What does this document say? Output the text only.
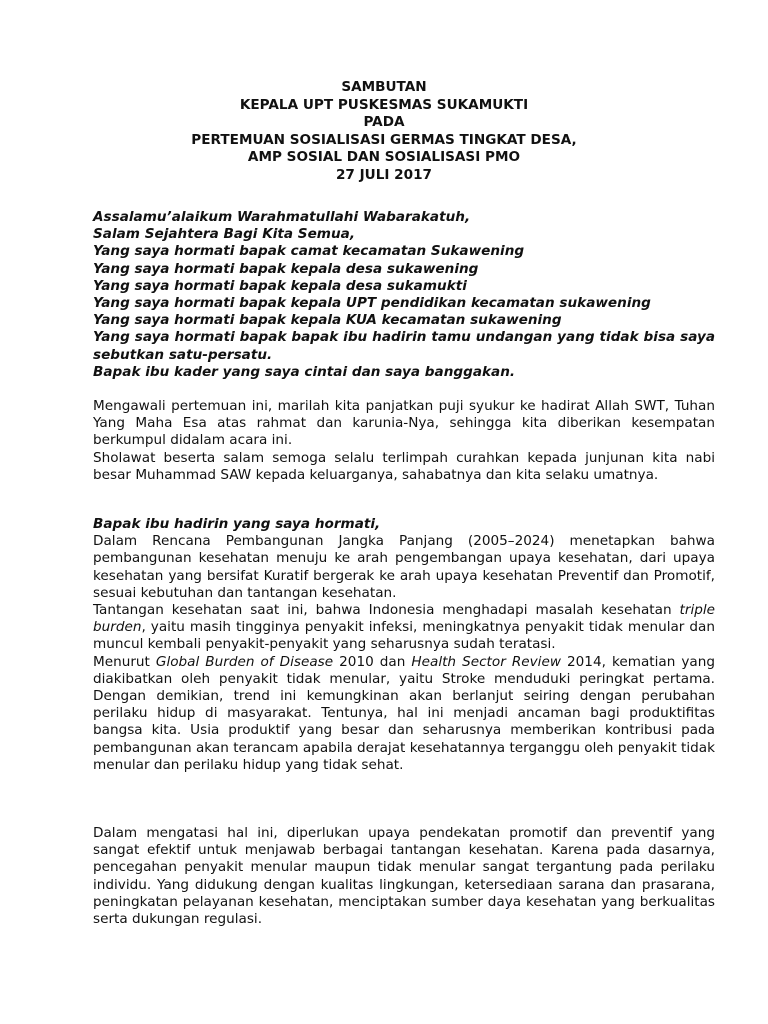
SAMBUTAN
KEPALA UPT PUSKESMAS SUKAMUKTI
PADA
PERTEMUAN SOSIALISASI GERMAS TINGKAT DESA,
AMP SOSIAL DAN SOSIALISASI PMO
27 JULI 2017

Assalamu’alaikum Warahmatullahi Wabarakatuh,

Salam Sejahtera Bagi Kita Semua,

Yang saya hormati bapak camat kecamatan Sukawening

Yang saya hormati bapak kepala desa sukawening

Yang saya hormati bapak kepala desa sukamukti

Yang saya hormati bapak kepala UPT pendidikan kecamatan sukawening

Yang saya hormati bapak kepala KUA kecamatan sukawening

Yang saya hormati bapak bapak ibu hadirin tamu undangan yang tidak bisa saya sebutkan satu-persatu.

Bapak ibu kader yang saya cintai dan saya banggakan.

Mengawali pertemuan ini, marilah kita panjatkan puji syukur ke hadirat Allah SWT, Tuhan Yang Maha Esa atas rahmat dan karunia-Nya, sehingga kita diberikan kesempatan berkumpul didalam acara ini.

Sholawat beserta salam semoga selalu terlimpah curahkan kepada junjunan kita nabi besar Muhammad SAW kepada keluarganya, sahabatnya dan kita selaku umatnya.

Bapak ibu hadirin yang saya hormati,

Dalam Rencana Pembangunan Jangka Panjang (2005–2024) menetapkan bahwa pembangunan kesehatan menuju ke arah pengembangan upaya kesehatan, dari upaya kesehatan yang bersifat Kuratif bergerak ke arah upaya kesehatan Preventif dan Promotif, sesuai kebutuhan dan tantangan kesehatan.

Tantangan kesehatan saat ini, bahwa Indonesia menghadapi masalah kesehatan triple burden, yaitu masih tingginya penyakit infeksi, meningkatnya penyakit tidak menular dan muncul kembali penyakit-penyakit yang seharusnya sudah teratasi.

Menurut Global Burden of Disease 2010 dan Health Sector Review 2014, kematian yang diakibatkan oleh penyakit tidak menular, yaitu Stroke menduduki peringkat pertama. Dengan demikian, trend ini kemungkinan akan berlanjut seiring dengan perubahan perilaku hidup di masyarakat. Tentunya, hal ini menjadi ancaman bagi produktifitas bangsa kita. Usia produktif yang besar dan seharusnya memberikan kontribusi pada pembangunan akan terancam apabila derajat kesehatannya terganggu oleh penyakit tidak menular dan perilaku hidup yang tidak sehat.

Dalam mengatasi hal ini, diperlukan upaya pendekatan promotif dan preventif yang sangat efektif untuk menjawab berbagai tantangan kesehatan. Karena pada dasarnya, pencegahan penyakit menular maupun tidak menular sangat tergantung pada perilaku individu. Yang didukung dengan kualitas lingkungan, ketersediaan sarana dan prasarana, peningkatan pelayanan kesehatan, menciptakan sumber daya kesehatan yang berkualitas serta dukungan regulasi.
